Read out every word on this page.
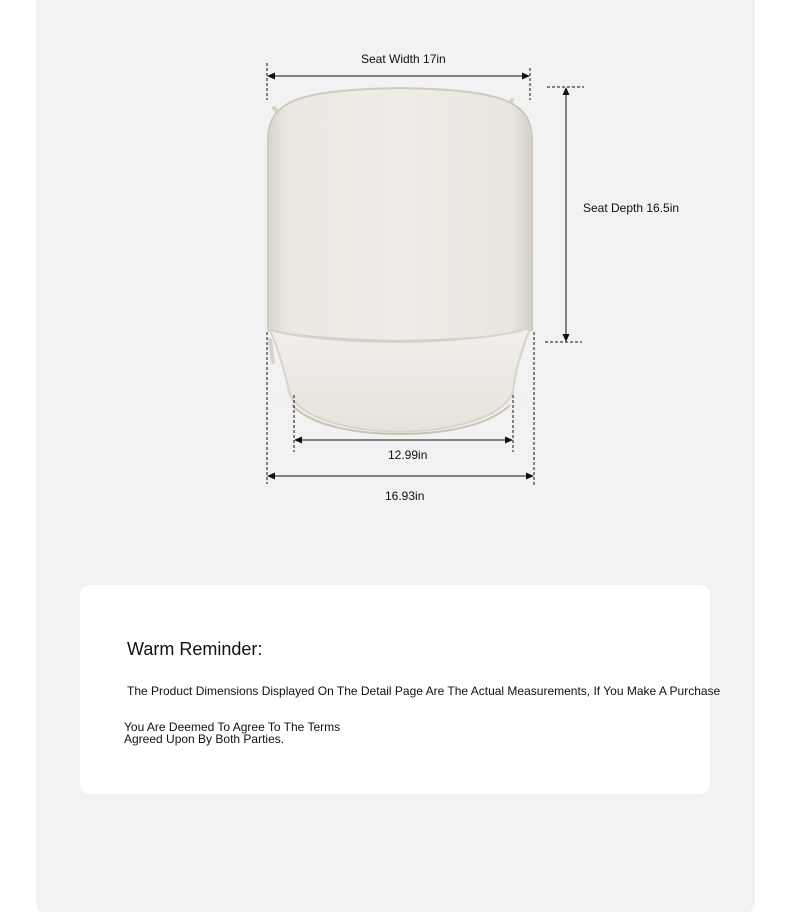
Seat Width 17in
Seat Depth 16.5in
12.99in
16.93in
Warm Reminder:
The Product Dimensions Displayed On The Detail Page Are The Actual Measurements, If You Make A Purchase
You Are Deemed To Agree To The Terms
Agreed Upon By Both Parties.
